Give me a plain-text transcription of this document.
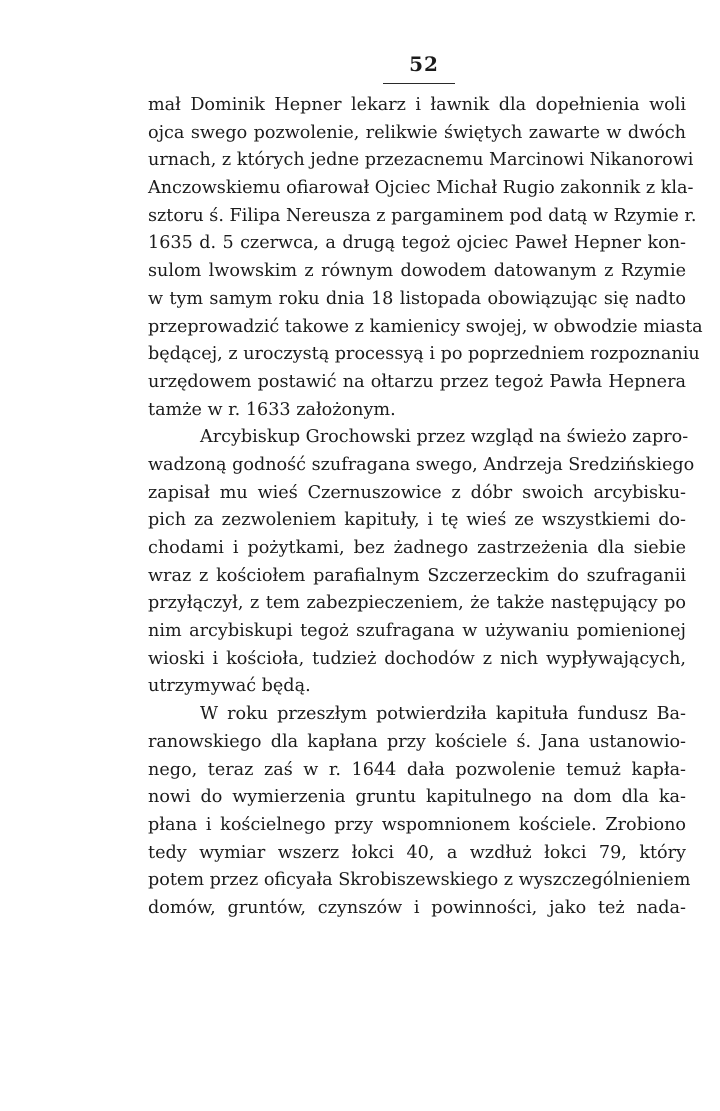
52
mał Dominik Hepner lekarz i ławnik dla dopełnienia woli
ojca swego pozwolenie, relikwie świętych zawarte w dwóch
urnach, z których jedne przezacnemu Marcinowi Nikanorowi
Anczowskiemu ofiarował Ojciec Michał Rugio zakonnik z kla-
sztoru ś. Filipa Nereusza z pargaminem pod datą w Rzymie r.
1635 d. 5 czerwca, a drugą tegoż ojciec Paweł Hepner kon-
sulom lwowskim z równym dowodem datowanym z Rzymie
w tym samym roku dnia 18 listopada obowiązując się nadto
przeprowadzić takowe z kamienicy swojej, w obwodzie miasta
będącej, z uroczystą processyą i po poprzedniem rozpoznaniu
urzędowem postawić na ołtarzu przez tegoż Pawła Hepnera
tamże w r. 1633 założonym.
Arcybiskup Grochowski przez wzgląd na świeżo zapro-
wadzoną godność szufragana swego, Andrzeja Sredzińskiego
zapisał mu wieś Czernuszowice z dóbr swoich arcybisku-
pich za zezwoleniem kapituły, i tę wieś ze wszystkiemi do-
chodami i pożytkami, bez żadnego zastrzeżenia dla siebie
wraz z kościołem parafialnym Szczerzeckim do szufraganii
przyłączył, z tem zabezpieczeniem, że także następujący po
nim arcybiskupi tegoż szufragana w używaniu pomienionej
wioski i kościoła, tudzież dochodów z nich wypływających,
utrzymywać będą.
W roku przeszłym potwierdziła kapituła fundusz Ba-
ranowskiego dla kapłana przy kościele ś. Jana ustanowio-
nego, teraz zaś w r. 1644 dała pozwolenie temuż kapła-
nowi do wymierzenia gruntu kapitulnego na dom dla ka-
płana i kościelnego przy wspomnionem kościele. Zrobiono
tedy wymiar wszerz łokci 40, a wzdłuż łokci 79, który
potem przez oficyała Skrobiszewskiego z wyszczególnieniem
domów, gruntów, czynszów i powinności, jako też nada-
